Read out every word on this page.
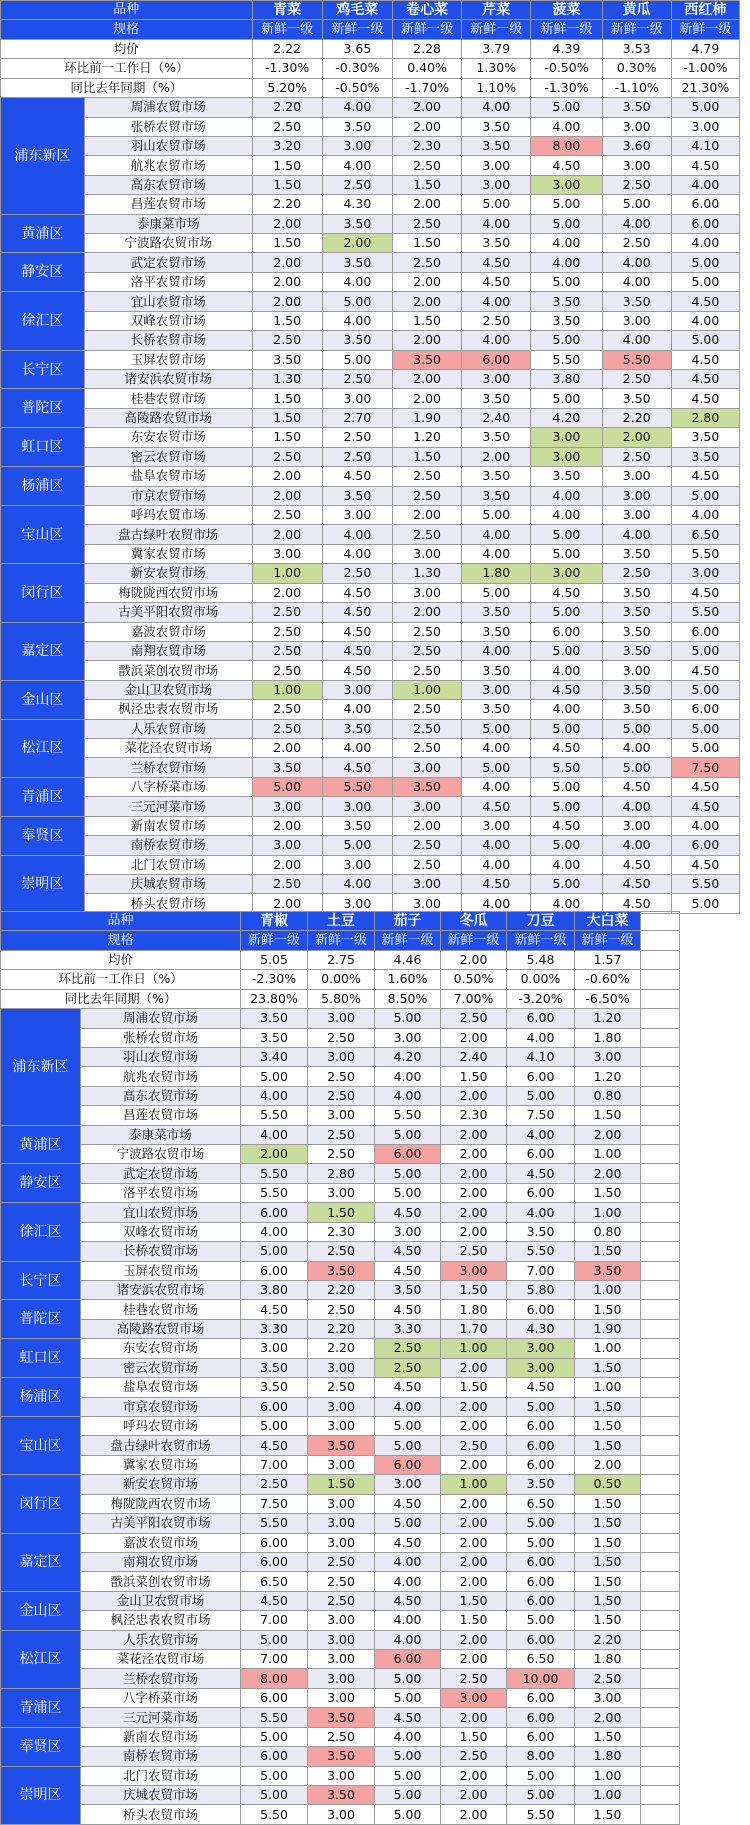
品种		青菜	鸡毛菜	卷心菜	芹菜	菠菜	黄瓜	西红柿
规格		新鲜一级	新鲜一级	新鲜一级	新鲜一级	新鲜一级	新鲜一级	新鲜一级
均价		2.22	3.65	2.28	3.79	4.39	3.53	4.79
环比前一工作日（%）		-1.30%	-0.30%	0.40%	1.30%	-0.50%	0.30%	-1.00%
同比去年同期（%）		5.20%	-0.50%	-1.70%	1.10%	-1.30%	-1.10%	21.30%
浦东新区	周浦农贸市场	2.20	4.00	2.00	4.00	5.00	3.50	5.00
	张桥农贸市场	2.50	3.50	2.00	3.50	4.00	3.00	3.00
	羽山农贸市场	3.20	3.00	2.30	3.50	8.00	3.60	4.10
	航兆农贸市场	1.50	4.00	2.50	3.00	4.50	3.00	4.50
	高东农贸市场	1.50	2.50	1.50	3.00	3.00	2.50	4.00
	昌莲农贸市场	2.20	4.30	2.00	5.00	5.00	5.00	6.00
黄浦区	泰康菜市场	2.00	3.50	2.50	4.00	5.00	4.00	6.00
	宁波路农贸市场	1.50	2.00	1.50	3.50	4.00	2.50	4.00
静安区	武定农贸市场	2.00	3.50	2.50	4.50	4.00	4.00	5.00
	洛平农贸市场	2.00	4.00	2.00	4.50	5.00	4.00	5.00
徐汇区	宜山农贸市场	2.00	5.00	2.00	4.00	3.50	3.50	4.50
	双峰农贸市场	1.50	4.00	1.50	2.50	3.50	3.00	4.00
	长桥农贸市场	2.50	3.50	2.00	4.00	5.00	4.00	5.00
长宁区	玉屏农贸市场	3.50	5.00	3.50	6.00	5.50	5.50	4.50
	诸安浜农贸市场	1.30	2.50	2.00	3.00	3.80	2.50	4.50
普陀区	桂巷农贸市场	1.50	3.00	2.00	3.50	5.00	3.50	4.50
	高陵路农贸市场	1.50	2.70	1.90	2.40	4.20	2.20	2.80
虹口区	东安农贸市场	1.50	2.50	1.20	3.50	3.00	2.00	3.50
	密云农贸市场	2.50	2.50	1.50	2.00	3.00	2.50	3.50
杨浦区	盐阜农贸市场	2.00	4.50	2.50	3.50	3.50	3.00	4.50
	市京农贸市场	2.00	3.50	2.50	3.50	4.00	3.00	5.00
宝山区	呼玛农贸市场	2.50	3.00	2.00	5.00	4.00	3.00	4.00
	盘古绿叶农贸市场	2.00	4.00	2.50	4.00	5.00	4.00	6.50
	冀家农贸市场	3.00	4.00	3.00	4.00	5.00	3.50	5.50
闵行区	新安农贸市场	1.00	2.50	1.30	1.80	3.00	2.50	3.00
	梅陇陇西农贸市场	2.00	4.50	3.00	5.00	4.50	3.50	4.50
	古美平阳农贸市场	2.50	4.50	2.00	3.50	5.00	3.50	5.50
嘉定区	嘉波农贸市场	2.50	4.50	2.50	3.50	6.00	3.50	6.00
	南翔农贸市场	2.50	4.50	2.50	4.00	5.00	3.50	5.00
	戬浜菜创农贸市场	2.50	4.50	2.50	3.50	4.00	3.00	4.50
金山区	金山卫农贸市场	1.00	3.00	1.00	3.00	4.50	3.50	5.00
	枫泾忠表农贸市场	2.50	4.00	2.50	3.50	4.00	3.50	6.00
松江区	人乐农贸市场	2.50	3.50	2.50	5.00	5.00	5.00	5.00
	菜花泾农贸市场	2.00	4.00	2.50	4.00	4.50	4.00	5.00
	兰桥农贸市场	3.50	4.50	3.00	5.00	5.50	5.00	7.50
青浦区	八字桥菜市场	5.00	5.50	3.50	4.00	5.00	4.50	4.50
	三元河菜市场	3.00	3.00	3.00	4.50	5.00	4.00	4.50
奉贤区	新南农贸市场	2.00	3.50	2.00	3.00	4.50	3.00	4.00
	南桥农贸市场	3.00	5.00	2.50	4.00	5.00	4.00	6.00
崇明区	北门农贸市场	2.00	3.00	2.50	4.00	4.00	4.50	4.50
	庆城农贸市场	2.50	4.00	3.00	4.50	5.00	4.50	5.50
	桥头农贸市场	2.00	3.00	3.00	4.00	4.00	4.50	5.00
品种		青椒	土豆	茄子	冬瓜	刀豆	大白菜	
规格		新鲜一级	新鲜一级	新鲜一级	新鲜一级	新鲜一级	新鲜一级	
均价		5.05	2.75	4.46	2.00	5.48	1.57	
环比前一工作日（%）		-2.30%	0.00%	1.60%	0.50%	0.00%	-0.60%	
同比去年同期（%）		23.80%	5.80%	8.50%	7.00%	-3.20%	-6.50%	
浦东新区	周浦农贸市场	3.50	3.00	5.00	2.50	6.00	1.20	
	张桥农贸市场	3.50	2.50	3.00	2.00	4.00	1.80	
	羽山农贸市场	3.40	3.00	4.20	2.40	4.10	3.00	
	航兆农贸市场	5.00	2.50	4.00	1.50	6.00	1.20	
	高东农贸市场	4.00	2.50	4.00	2.00	5.00	0.80	
	昌莲农贸市场	5.50	3.00	5.50	2.30	7.50	1.50	
黄浦区	泰康菜市场	4.00	2.50	5.00	2.00	4.00	2.00	
	宁波路农贸市场	2.00	2.50	6.00	2.00	6.00	1.00	
静安区	武定农贸市场	5.50	2.80	5.00	2.00	4.50	2.00	
	洛平农贸市场	5.50	3.00	5.00	2.00	6.00	1.50	
徐汇区	宜山农贸市场	6.00	1.50	4.50	2.00	4.00	1.00	
	双峰农贸市场	4.00	2.30	3.00	2.00	3.50	0.80	
	长桥农贸市场	5.00	2.50	4.50	2.50	5.50	1.50	
长宁区	玉屏农贸市场	6.00	3.50	4.50	3.00	7.00	3.50	
	诸安浜农贸市场	3.80	2.20	3.50	1.50	5.80	1.00	
普陀区	桂巷农贸市场	4.50	2.50	4.50	1.80	6.00	1.50	
	高陵路农贸市场	3.30	2.20	3.30	1.70	4.30	1.90	
虹口区	东安农贸市场	3.00	2.20	2.50	1.00	3.00	1.00	
	密云农贸市场	3.50	3.00	2.50	2.00	3.00	1.50	
杨浦区	盐阜农贸市场	3.50	2.50	4.50	1.50	4.50	1.00	
	市京农贸市场	6.00	3.00	4.00	2.00	5.00	1.50	
宝山区	呼玛农贸市场	5.00	3.00	5.00	2.00	6.00	1.50	
	盘古绿叶农贸市场	4.50	3.50	5.00	2.50	6.00	1.50	
	冀家农贸市场	7.00	3.00	6.00	2.00	6.00	2.00	
闵行区	新安农贸市场	2.50	1.50	3.00	1.00	3.50	0.50	
	梅陇陇西农贸市场	7.50	3.00	4.50	2.00	6.50	1.50	
	古美平阳农贸市场	5.50	3.00	5.00	2.00	5.00	1.50	
嘉定区	嘉波农贸市场	6.00	3.00	4.50	2.00	5.00	1.50	
	南翔农贸市场	6.00	2.50	4.00	2.00	6.00	1.50	
	戬浜菜创农贸市场	6.50	2.50	4.00	2.00	6.00	1.50	
金山区	金山卫农贸市场	4.50	2.50	4.50	1.50	6.00	1.50	
	枫泾忠表农贸市场	7.00	3.00	4.00	1.50	5.00	1.50	
松江区	人乐农贸市场	5.00	3.00	4.00	2.00	6.00	2.20	
	菜花泾农贸市场	7.00	3.00	6.00	2.00	6.50	1.80	
	兰桥农贸市场	8.00	3.00	5.00	2.50	10.00	2.50	
青浦区	八字桥菜市场	6.00	3.00	5.00	3.00	6.00	3.00	
	三元河菜市场	5.50	3.50	4.50	2.00	6.00	2.00	
奉贤区	新南农贸市场	5.00	2.50	4.00	1.50	6.00	1.50	
	南桥农贸市场	6.00	3.50	5.00	2.50	8.00	1.80	
崇明区	北门农贸市场	5.00	3.00	5.00	2.00	5.00	1.00	
	庆城农贸市场	5.00	3.50	5.00	2.00	5.00	1.00	
	桥头农贸市场	5.50	3.00	5.00	2.00	5.50	1.50	
